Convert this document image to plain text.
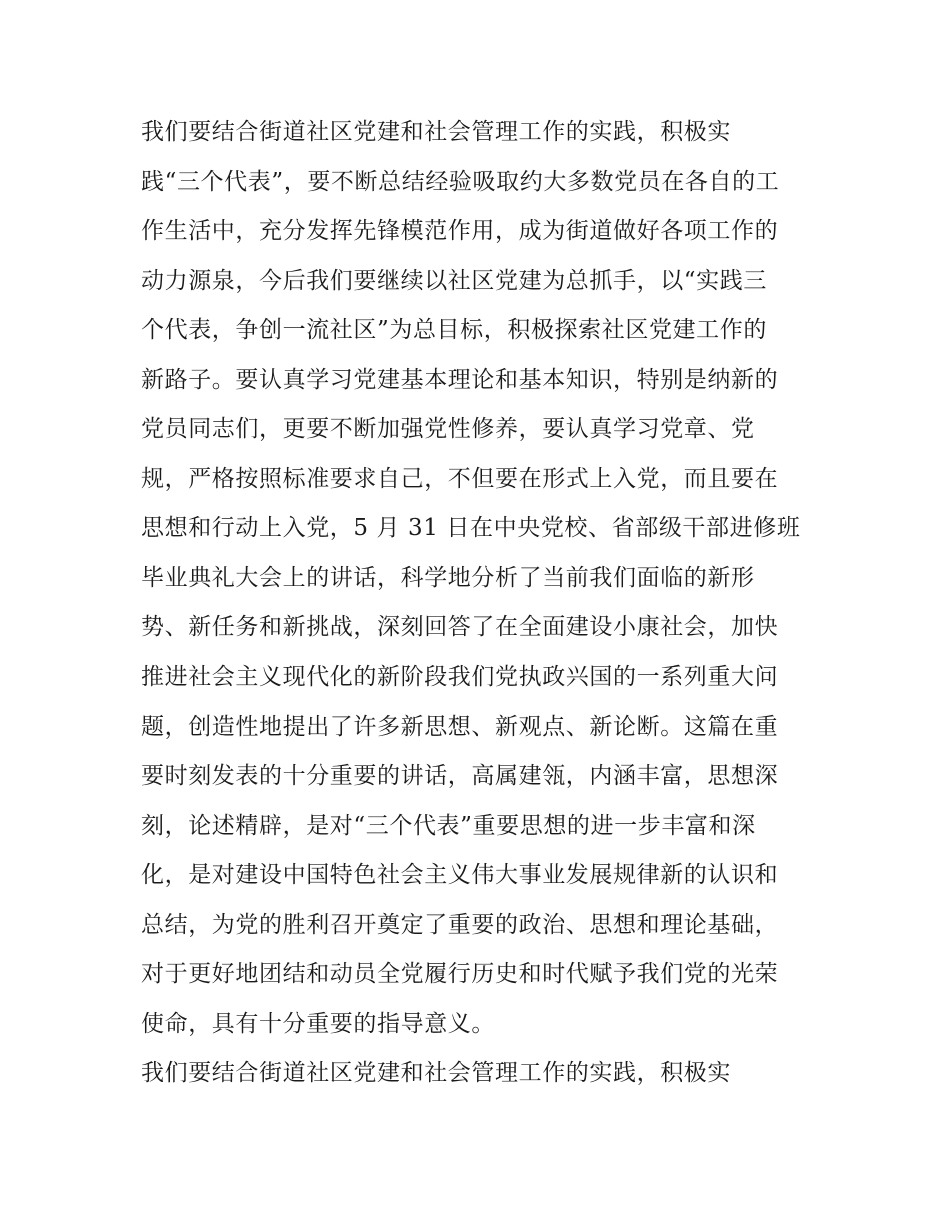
我们要结合街道社区党建和社会管理工作的实践，积极实
践“三个代表”，要不断总结经验吸取约大多数党员在各自的工
作生活中，充分发挥先锋模范作用，成为街道做好各项工作的
动力源泉，今后我们要继续以社区党建为总抓手，以“实践三
个代表，争创一流社区”为总目标，积极探索社区党建工作的
新路子。要认真学习党建基本理论和基本知识，特别是纳新的
党员同志们，更要不断加强党性修养，要认真学习党章、党
规，严格按照标准要求自己，不但要在形式上入党，而且要在
思想和行动上入党，5 月 31 日在中央党校、省部级干部进修班
毕业典礼大会上的讲话，科学地分析了当前我们面临的新形
势、新任务和新挑战，深刻回答了在全面建设小康社会，加快
推进社会主义现代化的新阶段我们党执政兴国的一系列重大问
题，创造性地提出了许多新思想、新观点、新论断。这篇在重
要时刻发表的十分重要的讲话，高属建瓴，内涵丰富，思想深
刻，论述精辟，是对“三个代表”重要思想的进一步丰富和深
化，是对建设中国特色社会主义伟大事业发展规律新的认识和
总结，为党的胜利召开奠定了重要的政治、思想和理论基础，
对于更好地团结和动员全党履行历史和时代赋予我们党的光荣
使命，具有十分重要的指导意义。
我们要结合街道社区党建和社会管理工作的实践，积极实
